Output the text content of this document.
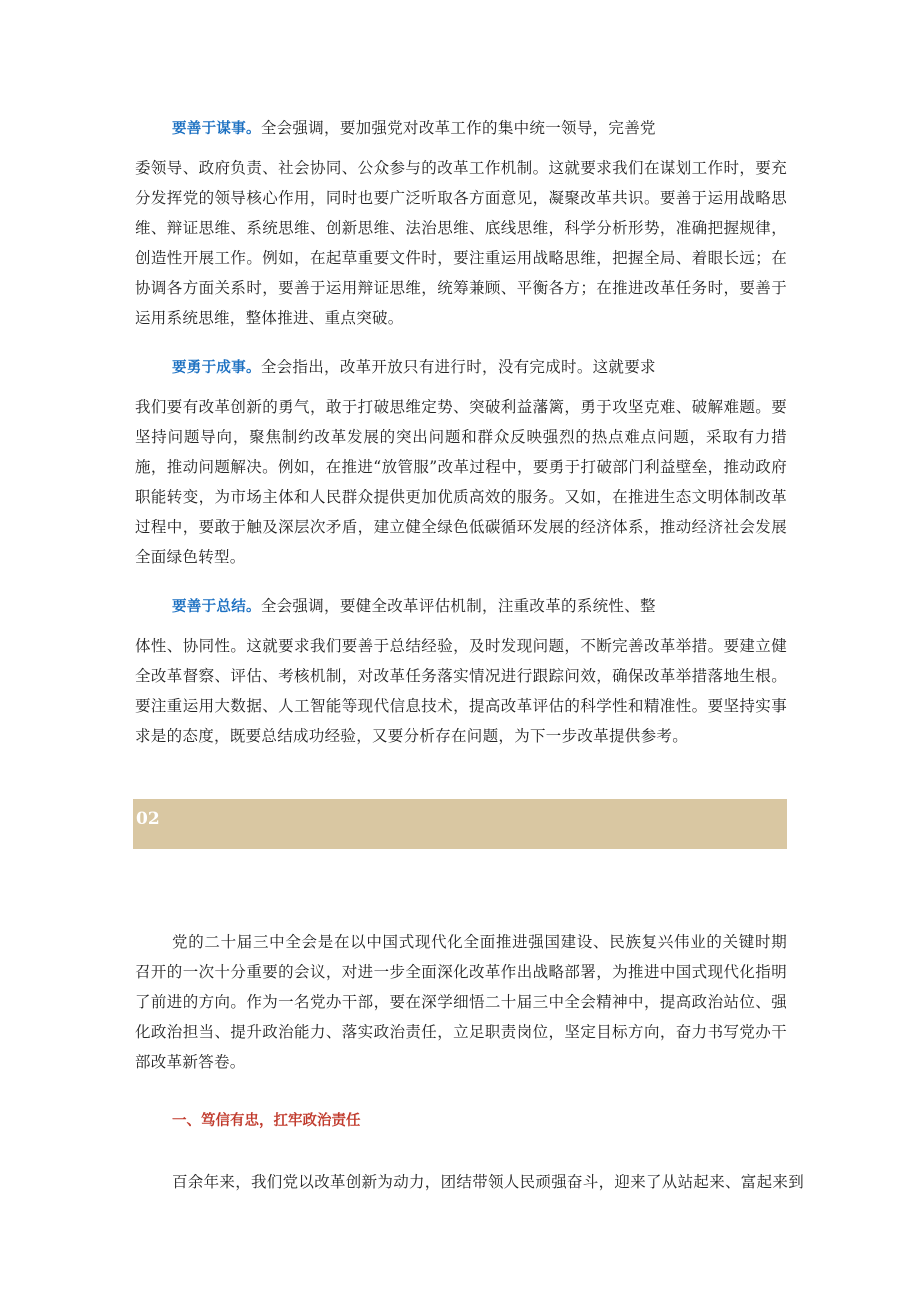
要善于谋事。全会强调，要加强党对改革工作的集中统一领导，完善党

委领导、政府负责、社会协同、公众参与的改革工作机制。这就要求我们在谋划工作时，要充分发挥党的领导核心作用，同时也要广泛听取各方面意见，凝聚改革共识。要善于运用战略思维、辩证思维、系统思维、创新思维、法治思维、底线思维，科学分析形势，准确把握规律，创造性开展工作。例如，在起草重要文件时，要注重运用战略思维，把握全局、着眼长远；在协调各方面关系时，要善于运用辩证思维，统筹兼顾、平衡各方；在推进改革任务时，要善于运用系统思维，整体推进、重点突破。

要勇于成事。全会指出，改革开放只有进行时，没有完成时。这就要求

我们要有改革创新的勇气，敢于打破思维定势、突破利益藩篱，勇于攻坚克难、破解难题。要坚持问题导向，聚焦制约改革发展的突出问题和群众反映强烈的热点难点问题，采取有力措施，推动问题解决。例如，在推进“放管服”改革过程中，要勇于打破部门利益壁垒，推动政府职能转变，为市场主体和人民群众提供更加优质高效的服务。又如，在推进生态文明体制改革过程中，要敢于触及深层次矛盾，建立健全绿色低碳循环发展的经济体系，推动经济社会发展全面绿色转型。

要善于总结。全会强调，要健全改革评估机制，注重改革的系统性、整

体性、协同性。这就要求我们要善于总结经验，及时发现问题，不断完善改革举措。要建立健全改革督察、评估、考核机制，对改革任务落实情况进行跟踪问效，确保改革举措落地生根。要注重运用大数据、人工智能等现代信息技术，提高改革评估的科学性和精准性。要坚持实事求是的态度，既要总结成功经验，又要分析存在问题，为下一步改革提供参考。

02

党的二十届三中全会是在以中国式现代化全面推进强国建设、民族复兴伟业的关键时期召开的一次十分重要的会议，对进一步全面深化改革作出战略部署，为推进中国式现代化指明了前进的方向。作为一名党办干部，要在深学细悟二十届三中全会精神中，提高政治站位、强化政治担当、提升政治能力、落实政治责任，立足职责岗位，坚定目标方向，奋力书写党办干部改革新答卷。

一、笃信有忠，扛牢政治责任

百余年来，我们党以改革创新为动力，团结带领人民顽强奋斗，迎来了从站起来、富起来到
